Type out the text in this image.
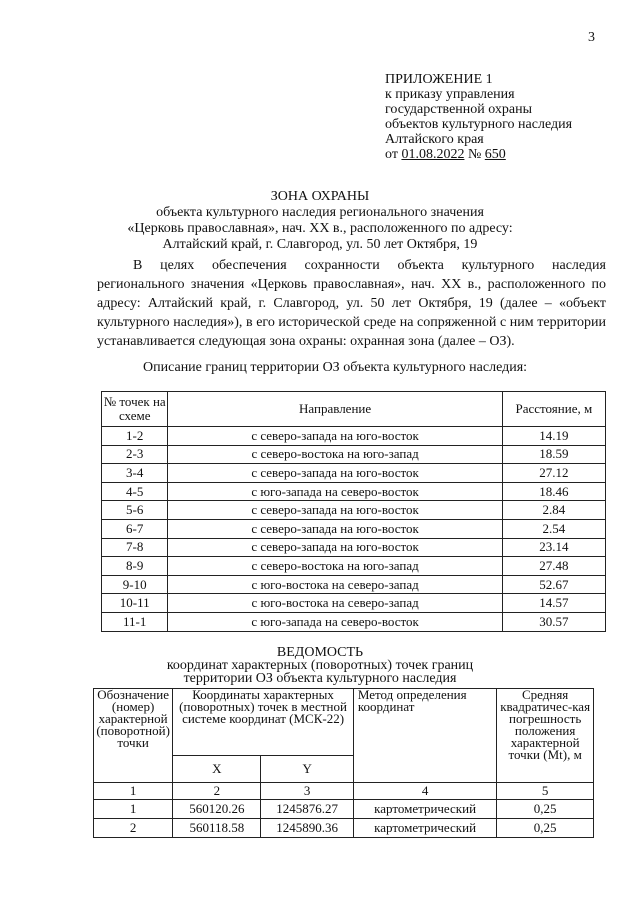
3
ПРИЛОЖЕНИЕ 1
к приказу управления
государственной охраны
объектов культурного наследия
Алтайского края
от 01.08.2022 № 650
ЗОНА ОХРАНЫ
объекта культурного наследия регионального значения
«Церковь православная», нач. XX в., расположенного по адресу:
Алтайский край, г. Славгород, ул. 50 лет Октября, 19
В целях обеспечения сохранности объекта культурного наследия регионального значения «Церковь православная», нач. XX в., расположенного по адресу: Алтайский край, г. Славгород, ул. 50 лет Октября, 19 (далее – «объект культурного наследия»), в его исторической среде на сопряженной с ним территории устанавливается следующая зона охраны: охранная зона (далее – ОЗ).
Описание границ территории ОЗ объекта культурного наследия:
№ точек на схеме	Направление	Расстояние, м
1-2	с северо-запада на юго-восток	14.19
2-3	с северо-востока на юго-запад	18.59
3-4	с северо-запада на юго-восток	27.12
4-5	с юго-запада на северо-восток	18.46
5-6	с северо-запада на юго-восток	2.84
6-7	с северо-запада на юго-восток	2.54
7-8	с северо-запада на юго-восток	23.14
8-9	с северо-востока на юго-запад	27.48
9-10	с юго-востока на северо-запад	52.67
10-11	с юго-востока на северо-запад	14.57
11-1	с юго-запада на северо-восток	30.57
ВЕДОМОСТЬ
координат характерных (поворотных) точек границ
территории ОЗ объекта культурного наследия
Обозначение (номер) характерной (поворотной) точки	Координаты характерных (поворотных) точек в местной системе координат (МСК-22)		Метод определения координат	Средняя квадратичес-кая погрешность положения характерной точки (Mt), м
	X	Y		
1	2	3	4	5
1	560120.26	1245876.27	картометрический	0,25
2	560118.58	1245890.36	картометрический	0,25
